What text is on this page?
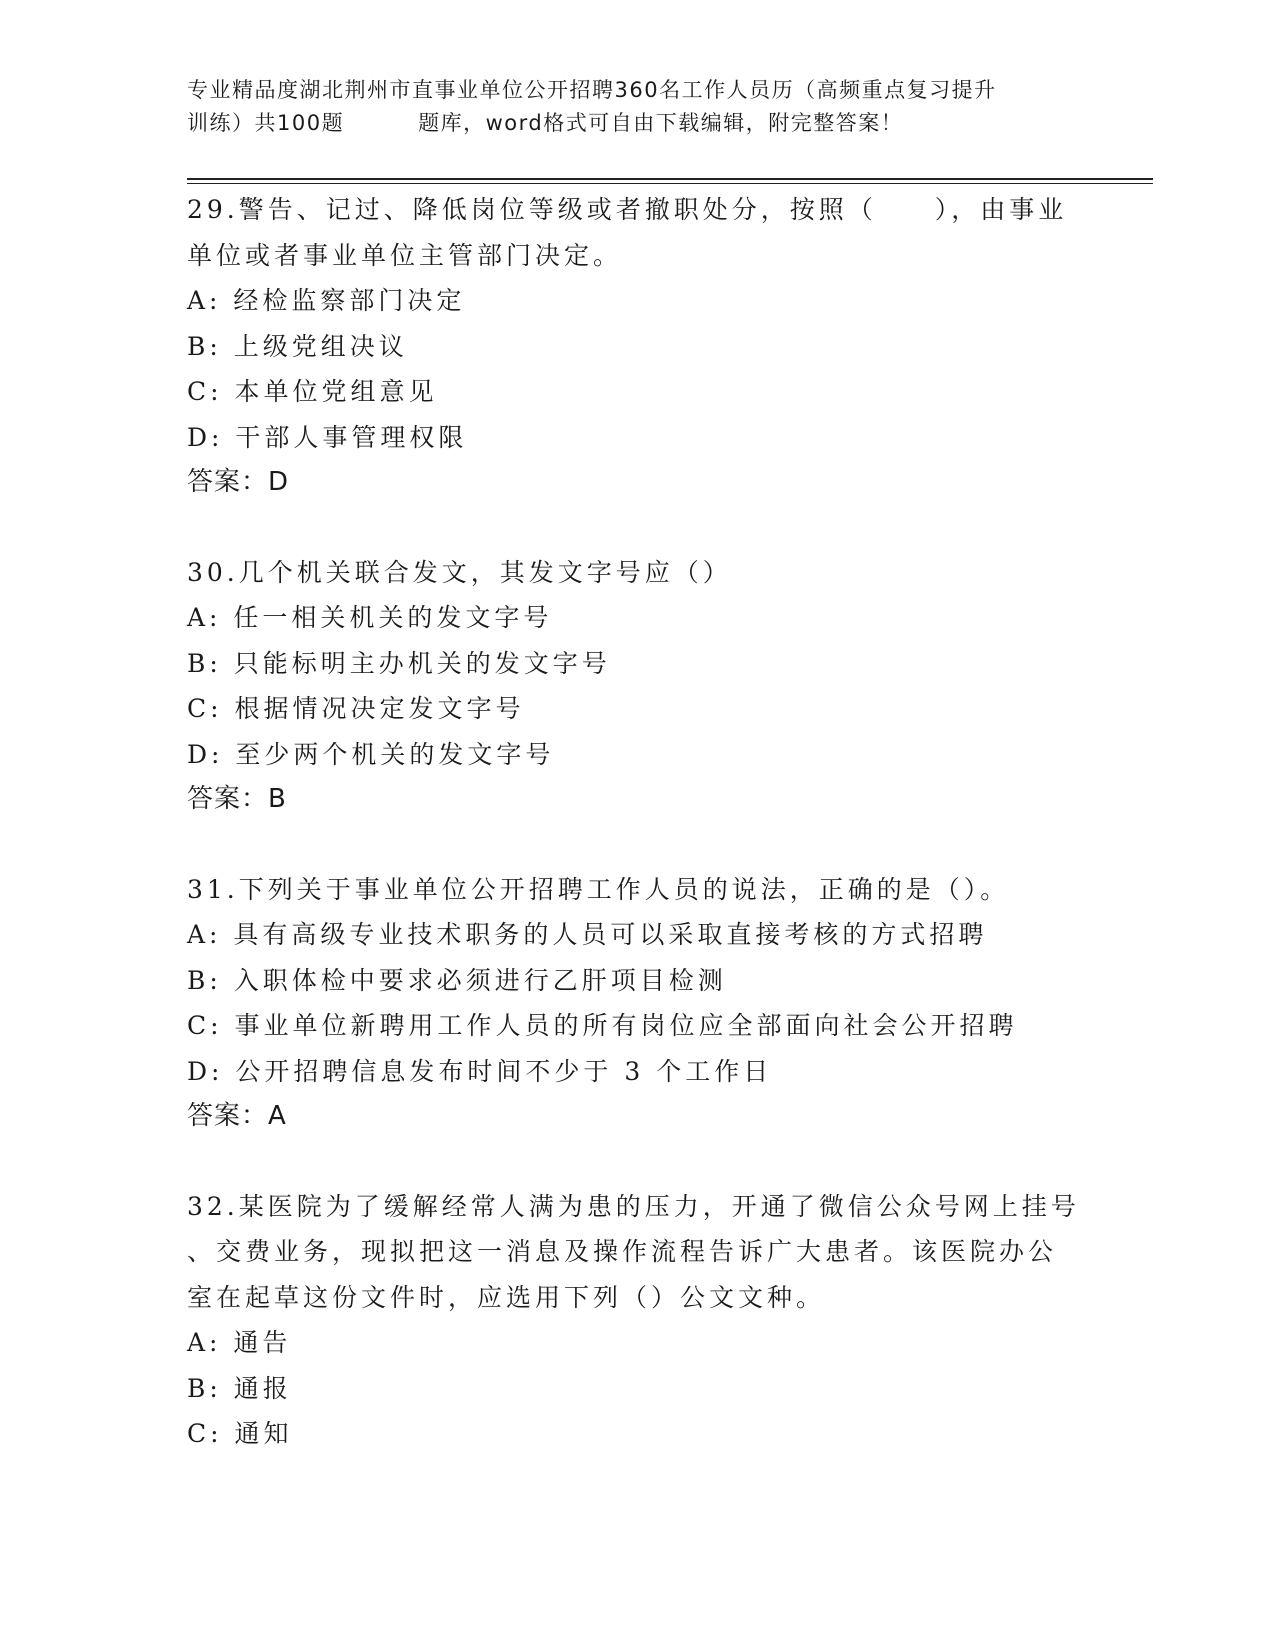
专业精品度湖北荆州市直事业单位公开招聘360名工作人员历（高频重点复习提升
训练）共100题	题库，word格式可自由下载编辑，附完整答案！
29.警告、记过、降低岗位等级或者撤职处分，按照（　　），由事业
单位或者事业单位主管部门决定。
A: 经检监察部门决定
B: 上级党组决议
C: 本单位党组意见
D: 干部人事管理权限
答案：D
30.几个机关联合发文，其发文字号应（）
A: 任一相关机关的发文字号
B: 只能标明主办机关的发文字号
C: 根据情况决定发文字号
D: 至少两个机关的发文字号
答案：B
31.下列关于事业单位公开招聘工作人员的说法，正确的是（）。
A: 具有高级专业技术职务的人员可以采取直接考核的方式招聘
B: 入职体检中要求必须进行乙肝项目检测
C: 事业单位新聘用工作人员的所有岗位应全部面向社会公开招聘
D: 公开招聘信息发布时间不少于 3 个工作日
答案：A
32.某医院为了缓解经常人满为患的压力，开通了微信公众号网上挂号
、交费业务，现拟把这一消息及操作流程告诉广大患者。该医院办公
室在起草这份文件时，应选用下列（）公文文种。
A: 通告
B: 通报
C: 通知
